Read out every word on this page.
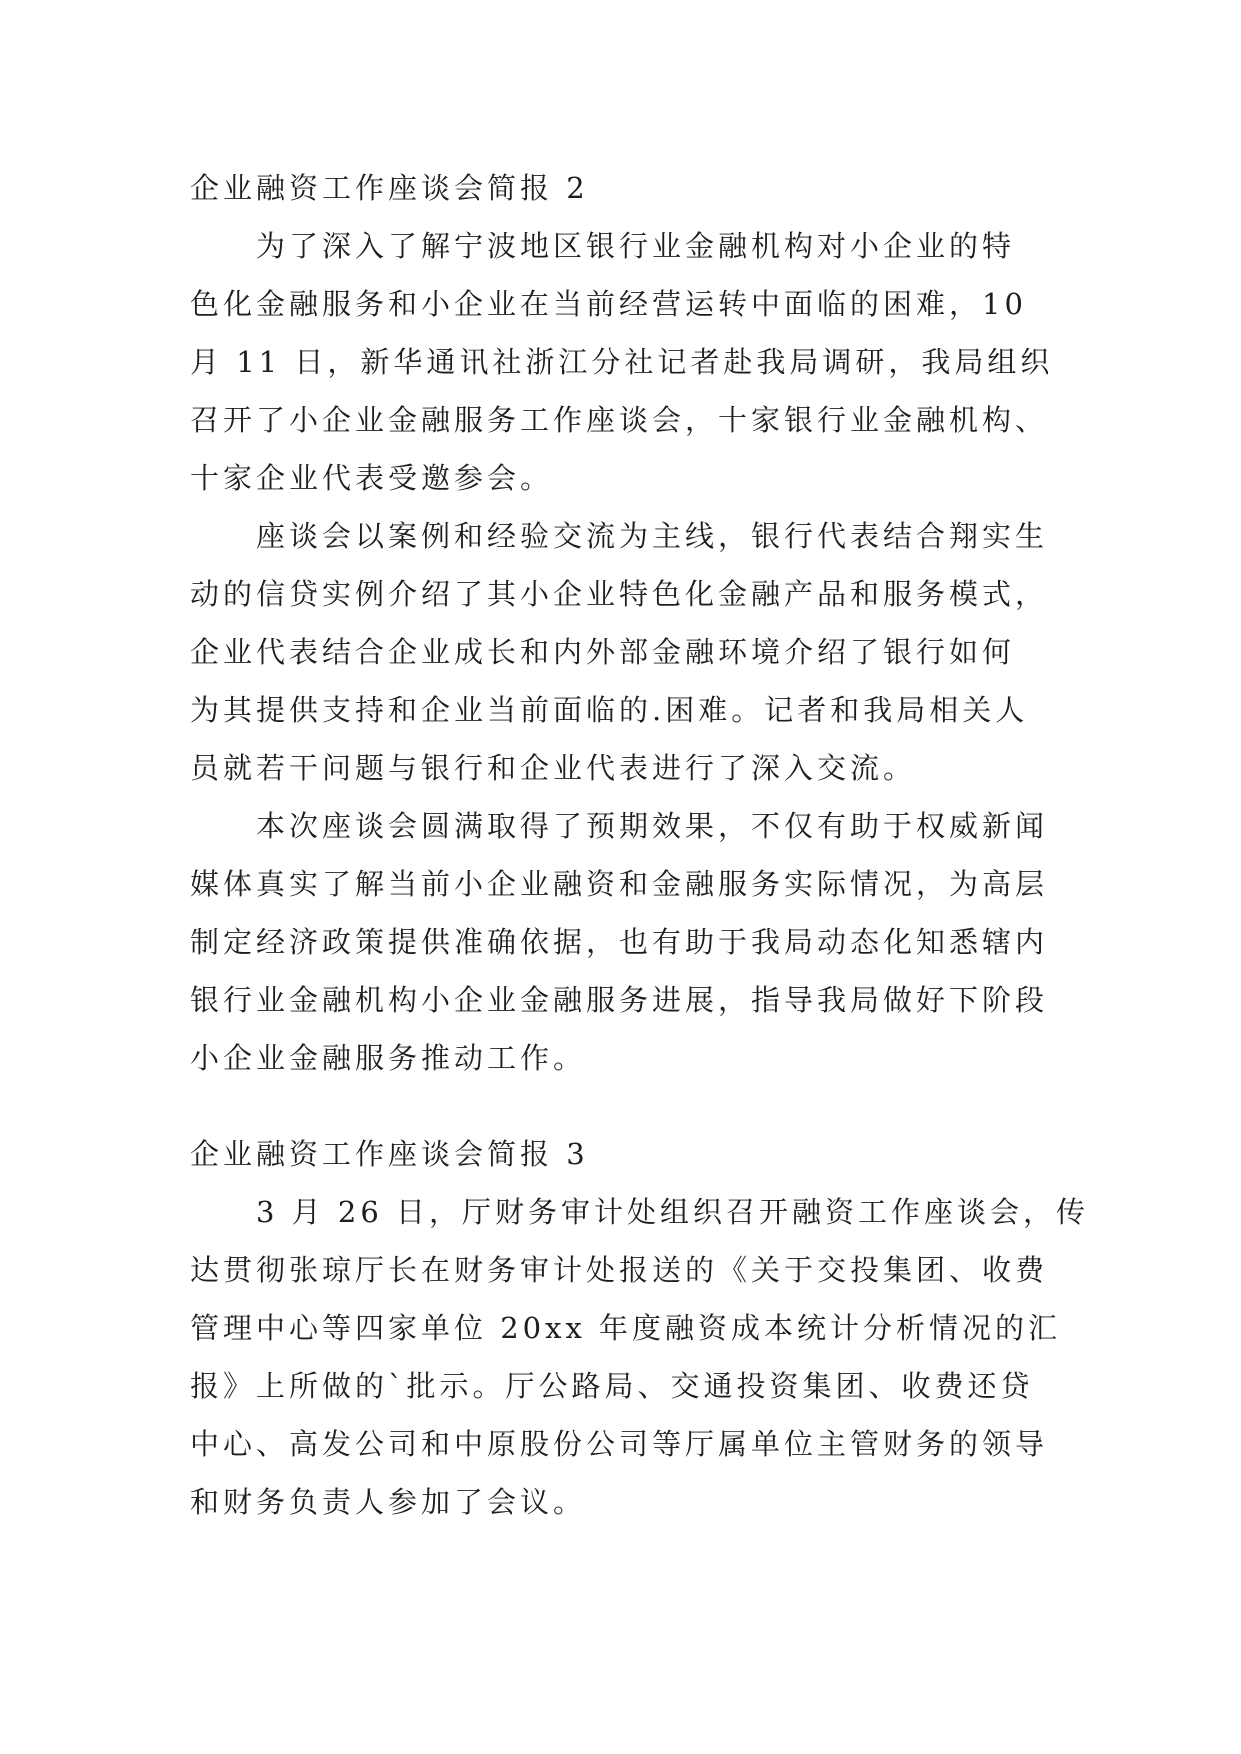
企业融资工作座谈会简报 2
为了深入了解宁波地区银行业金融机构对小企业的特
色化金融服务和小企业在当前经营运转中面临的困难，10
月 11 日，新华通讯社浙江分社记者赴我局调研，我局组织
召开了小企业金融服务工作座谈会，十家银行业金融机构、
十家企业代表受邀参会。
座谈会以案例和经验交流为主线，银行代表结合翔实生
动的信贷实例介绍了其小企业特色化金融产品和服务模式，
企业代表结合企业成长和内外部金融环境介绍了银行如何
为其提供支持和企业当前面临的.困难。记者和我局相关人
员就若干问题与银行和企业代表进行了深入交流。
本次座谈会圆满取得了预期效果，不仅有助于权威新闻
媒体真实了解当前小企业融资和金融服务实际情况，为高层
制定经济政策提供准确依据，也有助于我局动态化知悉辖内
银行业金融机构小企业金融服务进展，指导我局做好下阶段
小企业金融服务推动工作。
企业融资工作座谈会简报 3
3 月 26 日，厅财务审计处组织召开融资工作座谈会，传
达贯彻张琼厅长在财务审计处报送的《关于交投集团、收费
管理中心等四家单位 20xx 年度融资成本统计分析情况的汇
报》上所做的`批示。厅公路局、交通投资集团、收费还贷
中心、高发公司和中原股份公司等厅属单位主管财务的领导
和财务负责人参加了会议。
